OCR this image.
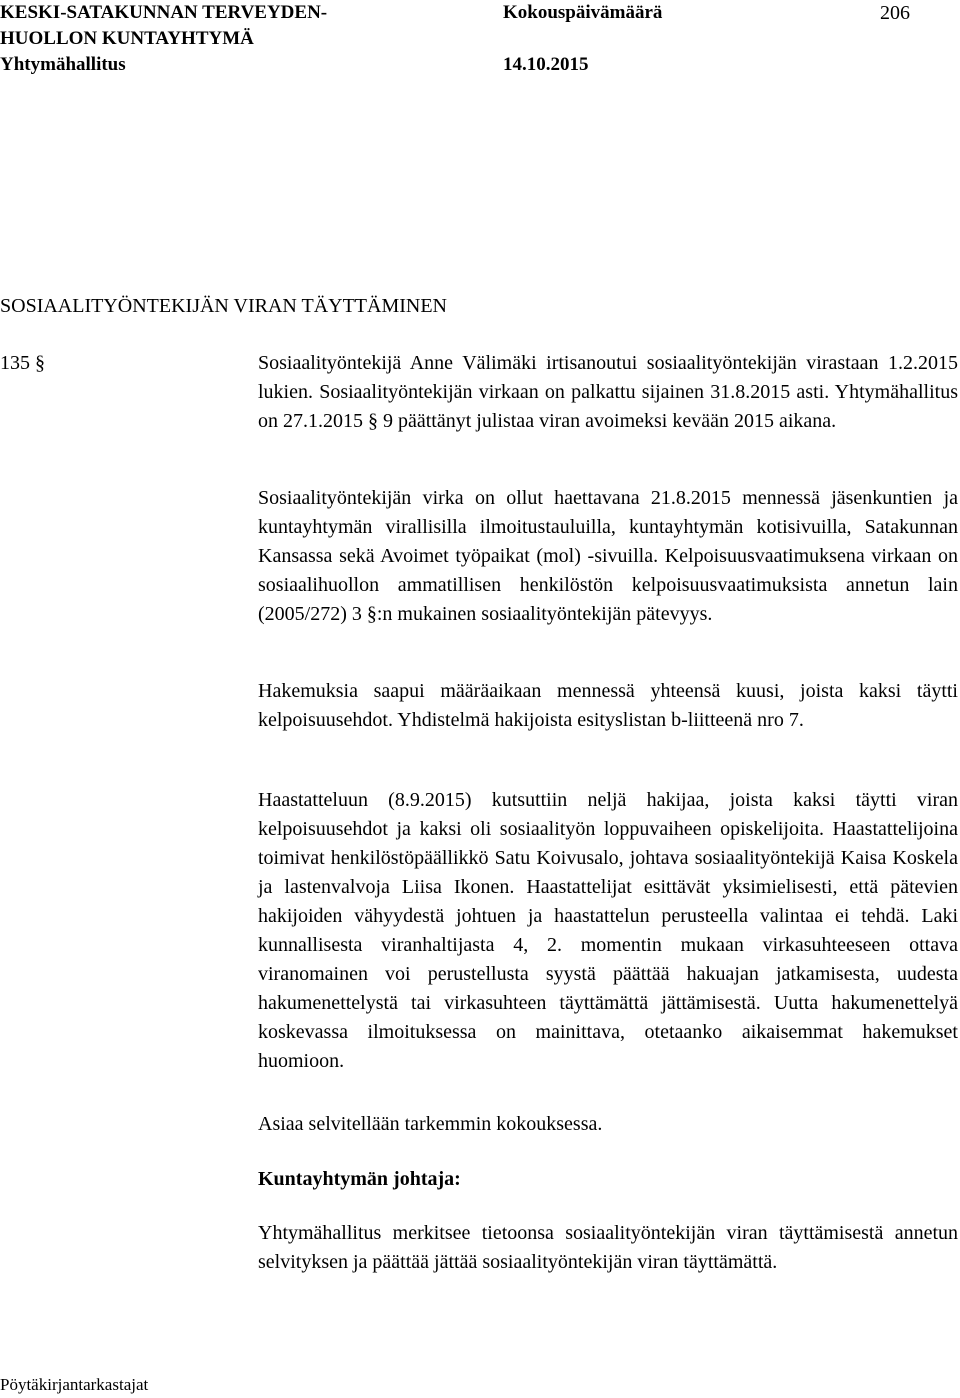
KESKI-SATAKUNNAN TERVEYDEN-
HUOLLON KUNTAYHTYMÄ
Yhtymähallitus
Kokouspäivämäärä
14.10.2015
206
SOSIAALITYÖNTEKIJÄN VIRAN TÄYTTÄMINEN
135 §	Sosiaalityöntekijä Anne Välimäki irtisanoutui sosiaalityöntekijän virastaan 1.2.2015 lukien. Sosiaalityöntekijän virkaan on palkattu sijainen 31.8.2015 asti. Yhtymähallitus on 27.1.2015 § 9 päättänyt julistaa viran avoimeksi kevään 2015 aikana.

Sosiaalityöntekijän virka on ollut haettavana 21.8.2015 mennessä jäsenkuntien ja kuntayhtymän virallisilla ilmoitustauluilla, kuntayhtymän kotisivuilla, Satakunnan Kansassa sekä Avoimet työpaikat (mol) -sivuilla. Kelpoisuusvaatimuksena virkaan on sosiaalihuollon ammatillisen henkilöstön kelpoisuusvaatimuksista annetun lain (2005/272) 3 §:n mukainen sosiaalityöntekijän pätevyys.

Hakemuksia saapui määräaikaan mennessä yhteensä kuusi, joista kaksi täytti kelpoisuusehdot. Yhdistelmä hakijoista esityslistan b-liitteenä nro 7.

Haastatteluun (8.9.2015) kutsuttiin neljä hakijaa, joista kaksi täytti viran kelpoisuusehdot ja kaksi oli sosiaalityön loppuvaiheen opiskelijoita. Haastattelijoina toimivat henkilöstöpäällikkö Satu Koivusalo, johtava sosiaalityöntekijä Kaisa Koskela ja lastenvalvoja Liisa Ikonen. Haastattelijat esittävät yksimielisesti, että pätevien hakijoiden vähyydestä johtuen ja haastattelun perusteella valintaa ei tehdä. Laki kunnallisesta viranhaltijasta 4, 2. momentin mukaan virkasuhteeseen ottava viranomainen voi perustellusta syystä päättää hakuajan jatkamisesta, uudesta hakumenettelystä tai virkasuhteen täyttämättä jättämisestä. Uutta hakumenettelyä koskevassa ilmoituksessa on mainittava, otetaanko aikaisemmat hakemukset huomioon.

Asiaa selvitellään tarkemmin kokouksessa.

Kuntayhtymän johtaja:

Yhtymähallitus merkitsee tietoonsa sosiaalityöntekijän viran täyttämisestä annetun selvityksen ja päättää jättää sosiaalityöntekijän viran täyttämättä.

Pöytäkirjantarkastajat
